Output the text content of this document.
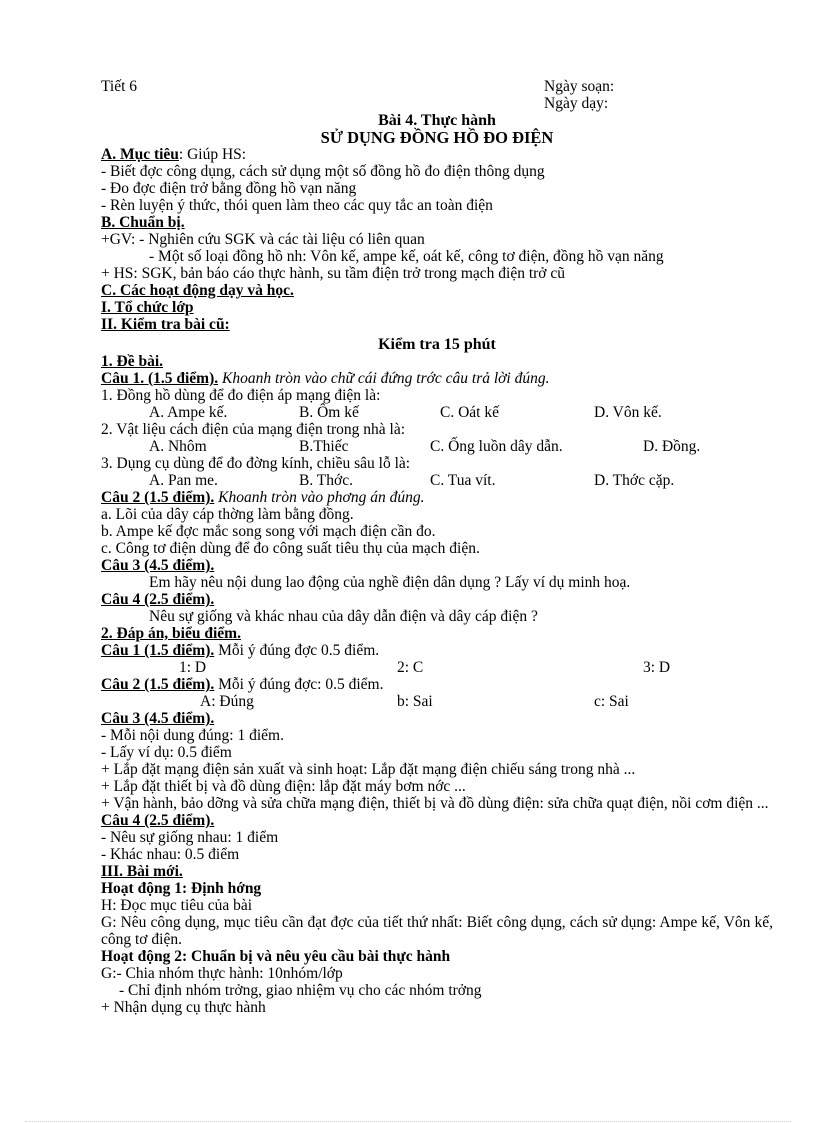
Tiết 6	Ngày soạn:
Ngày dạy:
Bài 4. Thực hành
SỬ DỤNG ĐỒNG HỒ ĐO ĐIỆN
A. Mục tiêu: Giúp HS:
- Biết đợc công dụng, cách sử dụng một số đồng hồ đo điện thông dụng
- Đo đợc điện trở bằng đồng hồ vạn năng
- Rèn luyện ý thức, thói quen làm theo các quy tắc an toàn điện
B. Chuẩn bị.
+GV: - Nghiên cứu SGK và các tài liệu có liên quan
- Một số loại đồng hồ nh: Vôn kế, ampe kế, oát kế, công tơ điện, đồng hồ vạn năng
+ HS: SGK, bản báo cáo thực hành, su tầm điện trở trong mạch điện trở cũ
C. Các hoạt động dạy và học.
I. Tổ chức lớp
II. Kiểm tra bài cũ:
Kiểm tra 15 phút
1. Đề bài.
Câu 1. (1.5 điểm). Khoanh tròn vào chữ cái đứng trớc câu trả lời đúng.
1. Đồng hồ dùng để đo điện áp mạng điện là:
A. Ampe kế.	B. Ôm kế	C. Oát kế	D. Vôn kế.
2. Vật liệu cách điện của mạng điện trong nhà là:
A. Nhôm	B.Thiếc	C. Ống luồn dây dẫn.	D. Đồng.
3. Dụng cụ dùng để đo đờng kính, chiều sâu lỗ là:
A. Pan me.	B. Thớc.	C. Tua vít.	D. Thớc cặp.
Câu 2 (1.5 điểm). Khoanh tròn vào phơng án đúng.
a. Lõi của dây cáp thờng làm bằng đồng.
b. Ampe kế đợc mắc song song với mạch điện cần đo.
c. Công tơ điện dùng để đo công suất tiêu thụ của mạch điện.
Câu 3 (4.5 điểm).
Em hãy nêu nội dung lao động của nghề điện dân dụng ? Lấy ví dụ minh hoạ.
Câu 4 (2.5 điểm).
Nêu sự giống và khác nhau của dây dẫn điện và dây cáp điện ?
2. Đáp án, biểu điểm.
Câu 1 (1.5 điểm). Mỗi ý đúng đợc 0.5 điểm.
1: D	2: C	3: D
Câu 2 (1.5 điểm). Mỗi ý đúng đợc: 0.5 điểm.
A: Đúng	b: Sai	c: Sai
Câu 3 (4.5 điểm).
- Mỗi nội dung đúng: 1 điểm.
- Lấy ví dụ: 0.5 điểm
+ Lắp đặt mạng điện sản xuất và sinh hoạt: Lắp đặt mạng điện chiếu sáng trong nhà ...
+ Lắp đặt thiết bị và đồ dùng điện: lắp đặt máy bơm nớc ...
+ Vận hành, bảo dỡng và sửa chữa mạng điện, thiết bị và đồ dùng điện: sửa chữa quạt điện, nồi cơm điện ...
Câu 4 (2.5 điểm).
- Nêu sự giống nhau: 1 điểm
- Khác nhau: 0.5 điểm
III. Bài mới.
Hoạt động 1: Định hớng
H: Đọc mục tiêu của bài
G: Nêu công dụng, mục tiêu cần đạt đợc của tiết thứ nhất: Biết công dụng, cách sử dụng: Ampe kế, Vôn kế, công tơ điện.
Hoạt động 2: Chuẩn bị và nêu yêu cầu bài thực hành
G:- Chia nhóm thực hành: 10nhóm/lớp
- Chỉ định nhóm trởng, giao nhiệm vụ cho các nhóm trởng
+ Nhận dụng cụ thực hành
